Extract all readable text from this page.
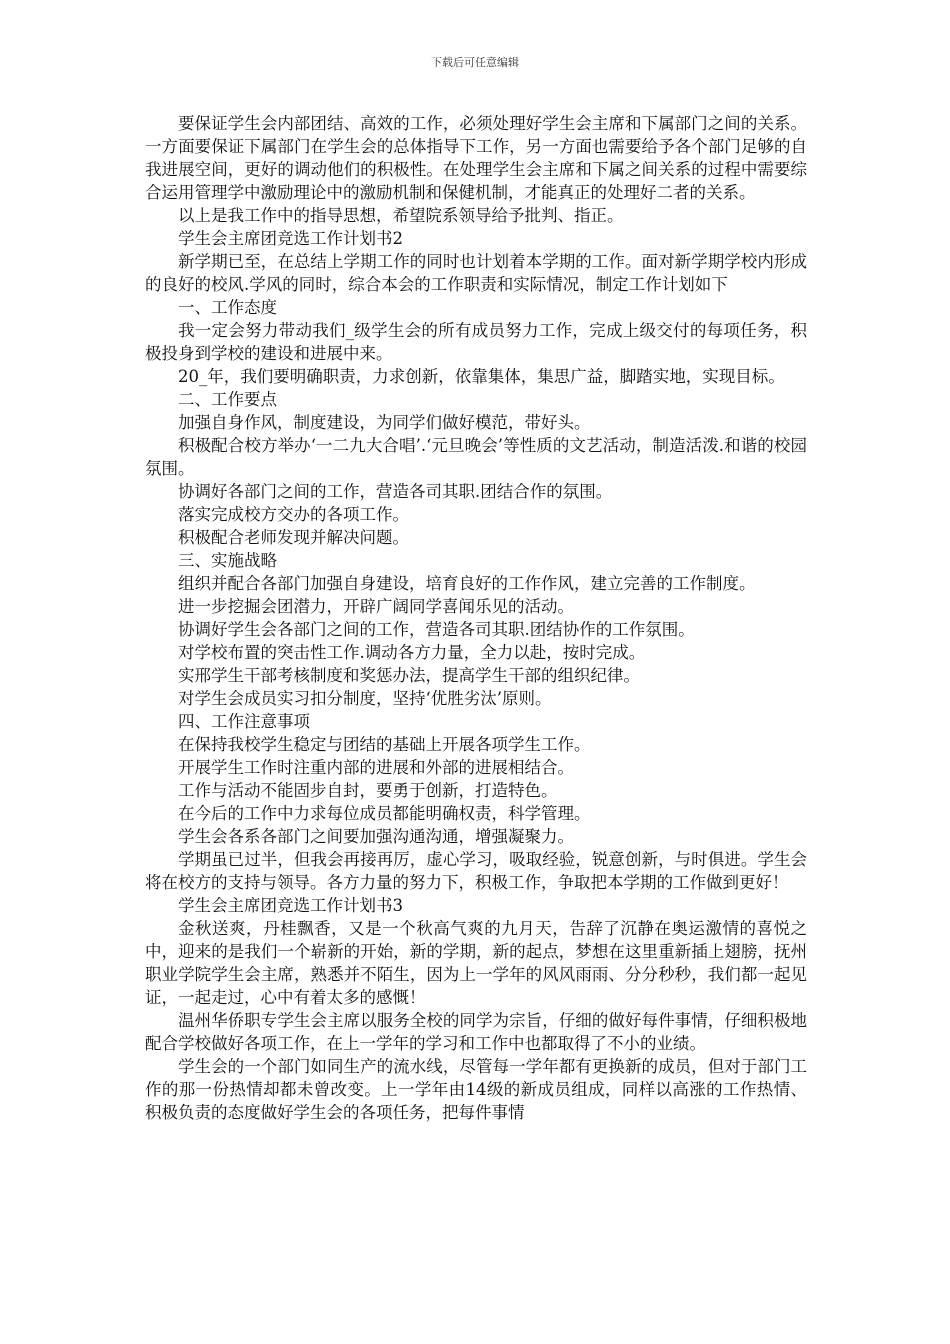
下载后可任意编辑

要保证学生会内部团结、高效的工作，必须处理好学生会主席和下属部门之间的关系。一方面要保证下属部门在学生会的总体指导下工作，另一方面也需要给予各个部门足够的自我进展空间，更好的调动他们的积极性。在处理学生会主席和下属之间关系的过程中需要综合运用管理学中激励理论中的激励机制和保健机制，才能真正的处理好二者的关系。

以上是我工作中的指导思想，希望院系领导给予批判、指正。

学生会主席团竞选工作计划书2

新学期已至，在总结上学期工作的同时也计划着本学期的工作。面对新学期学校内形成的良好的校风.学风的同时，综合本会的工作职责和实际情况，制定工作计划如下

一、工作态度

我一定会努力带动我们_级学生会的所有成员努力工作，完成上级交付的每项任务，积极投身到学校的建设和进展中来。

20_年，我们要明确职责，力求创新，依靠集体，集思广益，脚踏实地，实现目标。

二、工作要点

加强自身作风，制度建设，为同学们做好模范，带好头。

积极配合校方举办‘一二九大合唱’.‘元旦晚会’等性质的文艺活动，制造活泼.和谐的校园氛围。

协调好各部门之间的工作，营造各司其职.团结合作的氛围。

落实完成校方交办的各项工作。

积极配合老师发现并解决问题。

三、实施战略

组织并配合各部门加强自身建设，培育良好的工作作风，建立完善的工作制度。

进一步挖掘会团潜力，开辟广阔同学喜闻乐见的活动。

协调好学生会各部门之间的工作，营造各司其职.团结协作的工作氛围。

对学校布置的突击性工作.调动各方力量，全力以赴，按时完成。

实邢学生干部考核制度和奖惩办法，提高学生干部的组织纪律。

对学生会成员实习扣分制度，坚持‘优胜劣汰’原则。

四、工作注意事项

在保持我校学生稳定与团结的基础上开展各项学生工作。

开展学生工作时注重内部的进展和外部的进展相结合。

工作与活动不能固步自封，要勇于创新，打造特色。

在今后的工作中力求每位成员都能明确权责，科学管理。

学生会各系各部门之间要加强沟通沟通，增强凝聚力。

学期虽已过半，但我会再接再厉，虚心学习，吸取经验，锐意创新，与时俱进。学生会将在校方的支持与领导。各方力量的努力下，积极工作，争取把本学期的工作做到更好！

学生会主席团竞选工作计划书3

金秋送爽，丹桂飘香，又是一个秋高气爽的九月天，告辞了沉静在奥运激情的喜悦之中，迎来的是我们一个崭新的开始，新的学期，新的起点，梦想在这里重新插上翅膀，抚州职业学院学生会主席，熟悉并不陌生，因为上一学年的风风雨雨、分分秒秒，我们都一起见证，一起走过，心中有着太多的感慨！

温州华侨职专学生会主席以服务全校的同学为宗旨，仔细的做好每件事情，仔细积极地配合学校做好各项工作，在上一学年的学习和工作中也都取得了不小的业绩。

学生会的一个部门如同生产的流水线，尽管每一学年都有更换新的成员，但对于部门工作的那一份热情却都未曾改变。上一学年由14级的新成员组成，同样以高涨的工作热情、积极负责的态度做好学生会的各项任务，把每件事情
